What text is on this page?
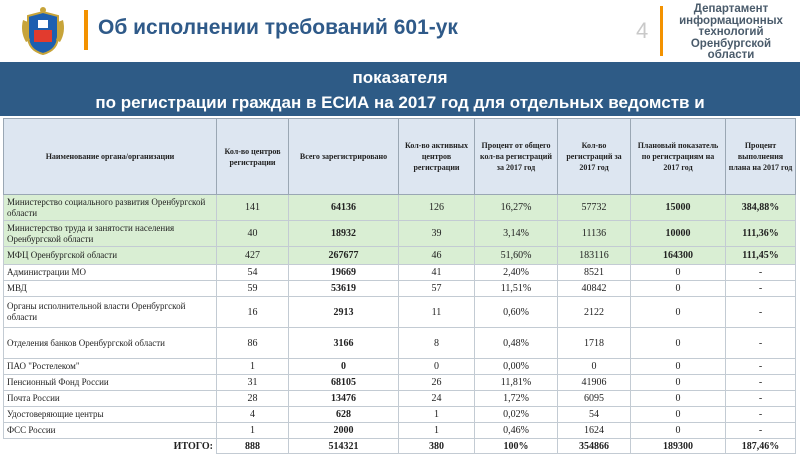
Об исполнении требований 601-ук	4
Департамент
информационных
технологий
Оренбургской
области
показателя
по регистрации граждан в ЕСИА на 2017 год для отдельных ведомств и
Наименование органа/организации	Кол-во центров регистрации	Всего зарегистрировано	Кол-во активных центров регистрации	Процент от общего кол-ва регистраций за 2017 год	Кол-во регистраций за 2017 год	Плановый показатель по регистрациям на 2017 год	Процент выполнения плана на 2017 год
Министерство социального развития Оренбургской области	141	64136	126	16,27%	57732	15000	384,88%
Министерство труда и занятости населения Оренбургской области	40	18932	39	3,14%	11136	10000	111,36%
МФЦ Оренбургской области	427	267677	46	51,60%	183116	164300	111,45%
Администрации МО	54	19669	41	2,40%	8521	0	-
МВД	59	53619	57	11,51%	40842	0	-
Органы исполнительной власти Оренбургской области	16	2913	11	0,60%	2122	0	-
Отделения банков Оренбургской области	86	3166	8	0,48%	1718	0	-
ПАО "Ростелеком"	1	0	0	0,00%	0	0	-
Пенсионный Фонд России	31	68105	26	11,81%	41906	0	-
Почта России	28	13476	24	1,72%	6095	0	-
Удостоверяющие центры	4	628	1	0,02%	54	0	-
ФСС России	1	2000	1	0,46%	1624	0	-
ИТОГО:	888	514321	380	100%	354866	189300	187,46%
